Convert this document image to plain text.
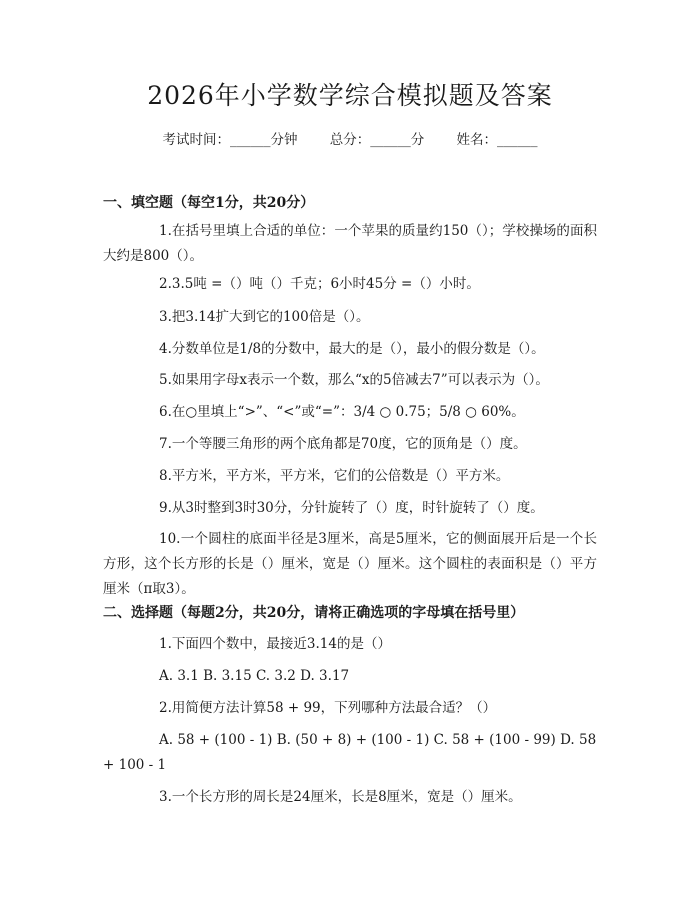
2026年小学数学综合模拟题及答案
考试时间：______分钟 总分：______分 姓名：______
一、填空题（每空1分，共20分）
1.在括号里填上合适的单位：一个苹果的质量约150（）；学校操场的面积大约是800（）。
2.3.5吨 =（）吨（）千克；6小时45分 =（）小时。
3.把3.14扩大到它的100倍是（）。
4.分数单位是1/8的分数中，最大的是（），最小的假分数是（）。
5.如果用字母x表示一个数，那么“x的5倍减去7”可以表示为（）。
6.在○里填上“>”、“<”或“=”：3/4 ○ 0.75；5/8 ○ 60%。
7.一个等腰三角形的两个底角都是70度，它的顶角是（）度。
8.平方米，平方米，平方米，它们的公倍数是（）平方米。
9.从3时整到3时30分，分针旋转了（）度，时针旋转了（）度。
10.一个圆柱的底面半径是3厘米，高是5厘米，它的侧面展开后是一个长方形，这个长方形的长是（）厘米，宽是（）厘米。这个圆柱的表面积是（）平方厘米（π取3）。
二、选择题（每题2分，共20分，请将正确选项的字母填在括号里）
1.下面四个数中，最接近3.14的是（）
A. 3.1 B. 3.15 C. 3.2 D. 3.17
2.用简便方法计算58 + 99，下列哪种方法最合适？（）
A. 58 + (100 - 1) B. (50 + 8) + (100 - 1) C. 58 + (100 - 99) D. 58 + 100 - 1
3.一个长方形的周长是24厘米，长是8厘米，宽是（）厘米。
